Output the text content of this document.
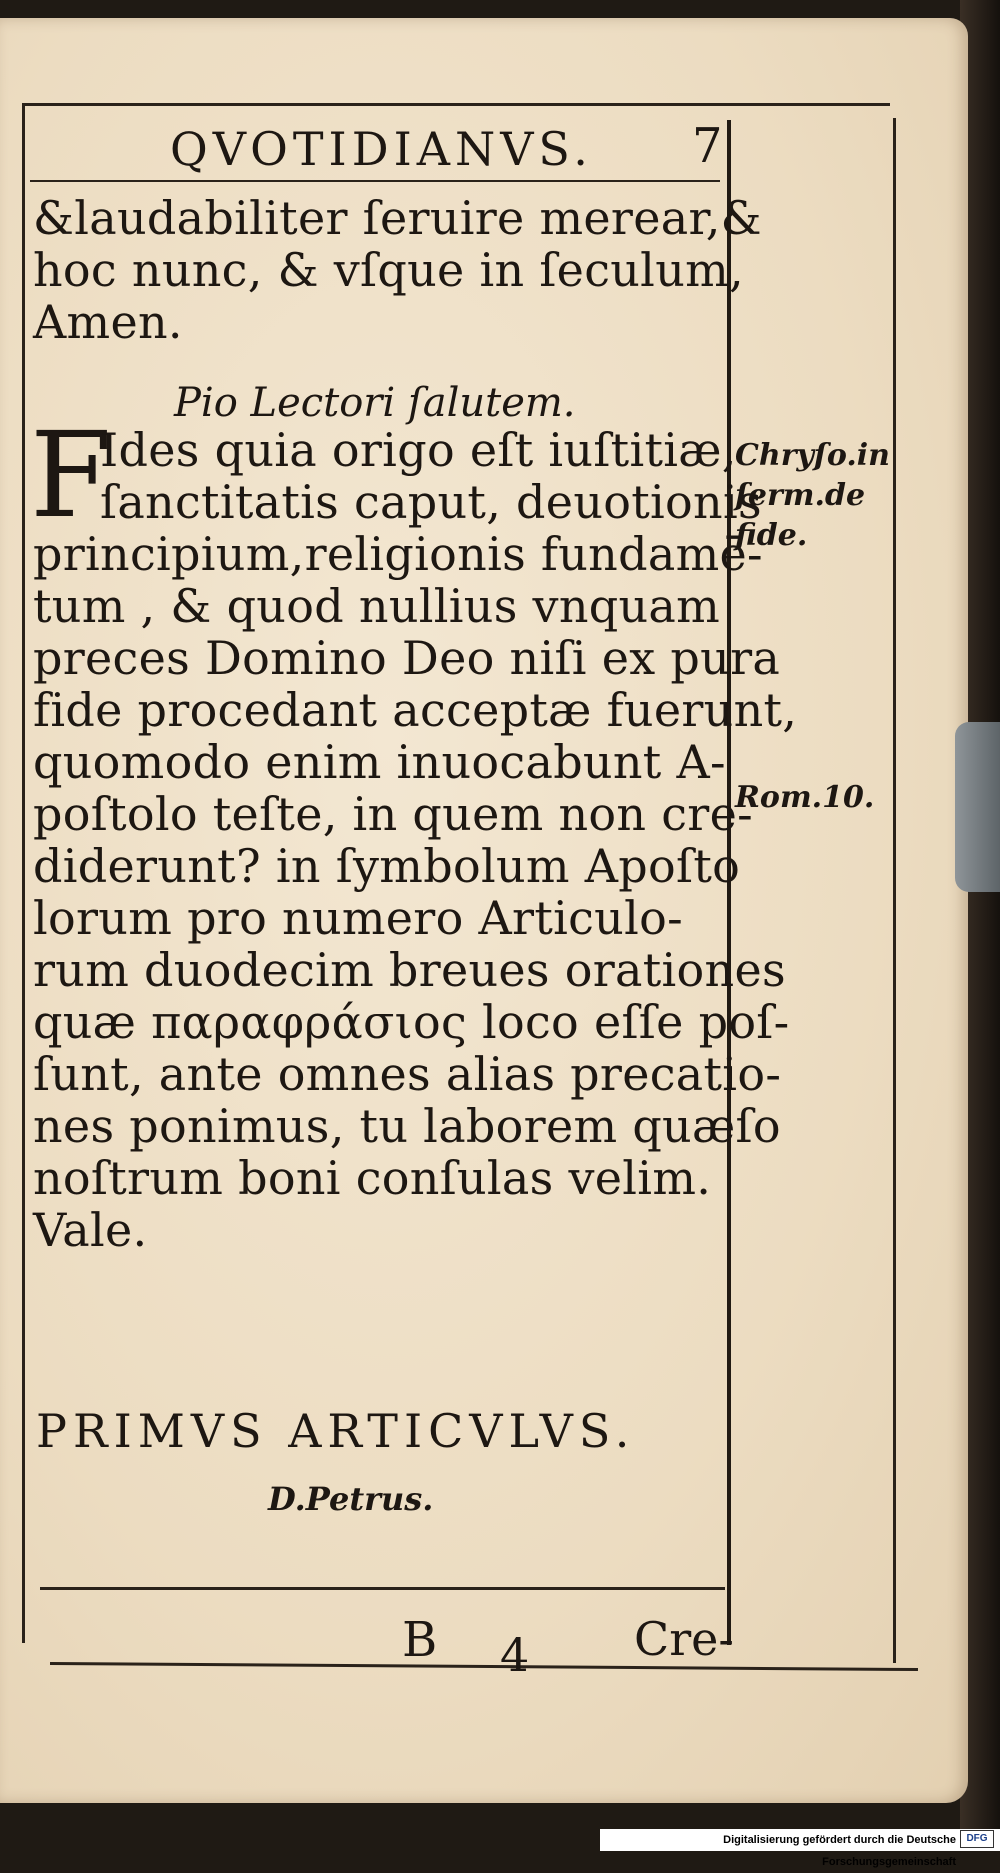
QVOTIDIANVS. 7
&laudabiliter ſeruire merear,&
hoc nunc, & vſque in ſeculum,
Amen.
Pio Lectori ſalutem.
F
Ides quia origo eſt iuſtitiæ,
ſanctitatis caput, deuotionis
principium,religionis fundamē-
tum , & quod nullius vnquam
preces Domino Deo niſi ex pura
fide procedant acceptæ fuerunt,
quomodo enim inuocabunt A-
poſtolo teſte, in quem non cre-
diderunt? in ſymbolum Apoſto
lorum pro numero Articulo-
rum duodecim breues orationes
quæ παραφράσιος loco eſſe poſ-
ſunt, ante omnes alias precatio-
nes ponimus, tu laborem quæſo
noſtrum boni conſulas velim.
Vale.
Chryſo.in
ſerm.de
fide.
Rom.10.
PRIMVS ARTICVLVS.
D.Petrus.
B 4 Cre-
Digitalisierung gefördert durch die Deutsche Forschungsgemeinschaft
DFG
